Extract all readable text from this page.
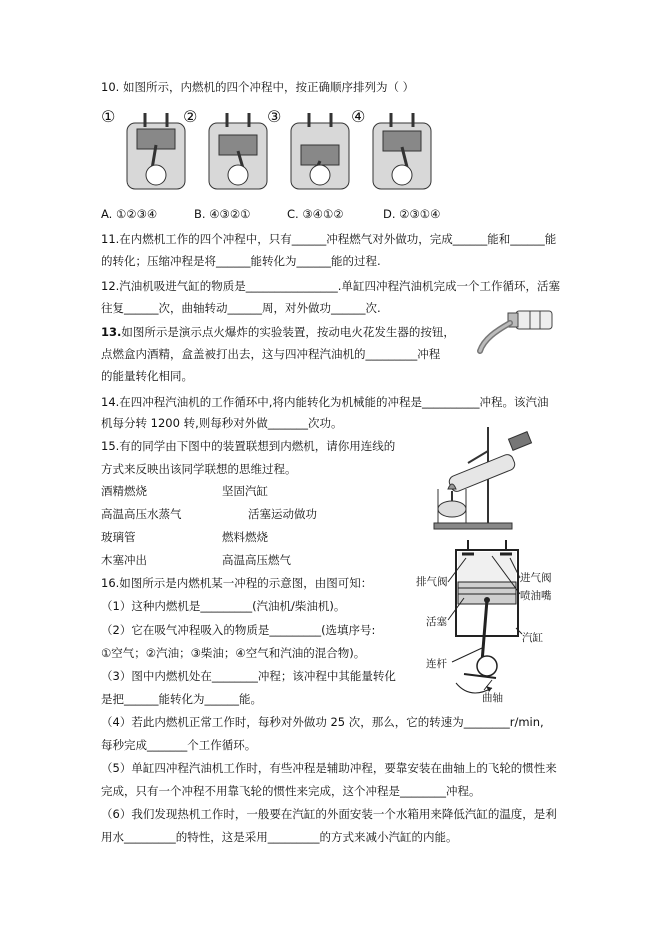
10. 如图所示，内燃机的四个冲程中，按正确顺序排列为（ ）
①	②	③	④
A. ①②③④	B. ④③②①	C. ③④①②	D. ②③①④
11.在内燃机工作的四个冲程中，只有______冲程燃气对外做功，完成______能和______能
的转化；压缩冲程是将______能转化为______能的过程.
12.汽油机吸进气缸的物质是________________.单缸四冲程汽油机完成一个工作循环，活塞
往复______次，曲轴转动______周，对外做功______次.
13.如图所示是演示点火爆炸的实验装置，按动电火花发生器的按钮，
点燃盒内酒精，盒盖被打出去，这与四冲程汽油机的_________冲程
的能量转化相同。
14.在四冲程汽油机的工作循环中,将内能转化为机械能的冲程是__________冲程。该汽油
机每分转 1200 转,则每秒对外做_______次功。
15.有的同学由下图中的装置联想到内燃机，请你用连线的
方式来反映出该同学联想的思维过程。
酒精燃烧	坚固汽缸
高温高压水蒸气	活塞运动做功
玻璃管	燃料燃烧
木塞冲出	高温高压燃气
16.如图所示是内燃机某一冲程的示意图，由图可知：
（1）这种内燃机是_________(汽油机/柴油机)。
（2）它在吸气冲程吸入的物质是_________(选填序号:
①空气；②汽油；③柴油；④空气和汽油的混合物)。
（3）图中内燃机处在________冲程；该冲程中其能量转化
是把______能转化为______能。
（4）若此内燃机正常工作时，每秒对外做功 25 次，那么，它的转速为________r/min,
每秒完成_______个工作循环。
（5）单缸四冲程汽油机工作时，有些冲程是辅助冲程，要靠安装在曲轴上的飞轮的惯性来
完成，只有一个冲程不用靠飞轮的惯性来完成，这个冲程是________冲程。
（6）我们发现热机工作时，一般要在汽缸的外面安装一个水箱用来降低汽缸的温度，是利
用水_________的特性，这是采用_________的方式来减小汽缸的内能。
排气阀	进气阀
喷油嘴
活塞
汽缸
连杆
曲轴
